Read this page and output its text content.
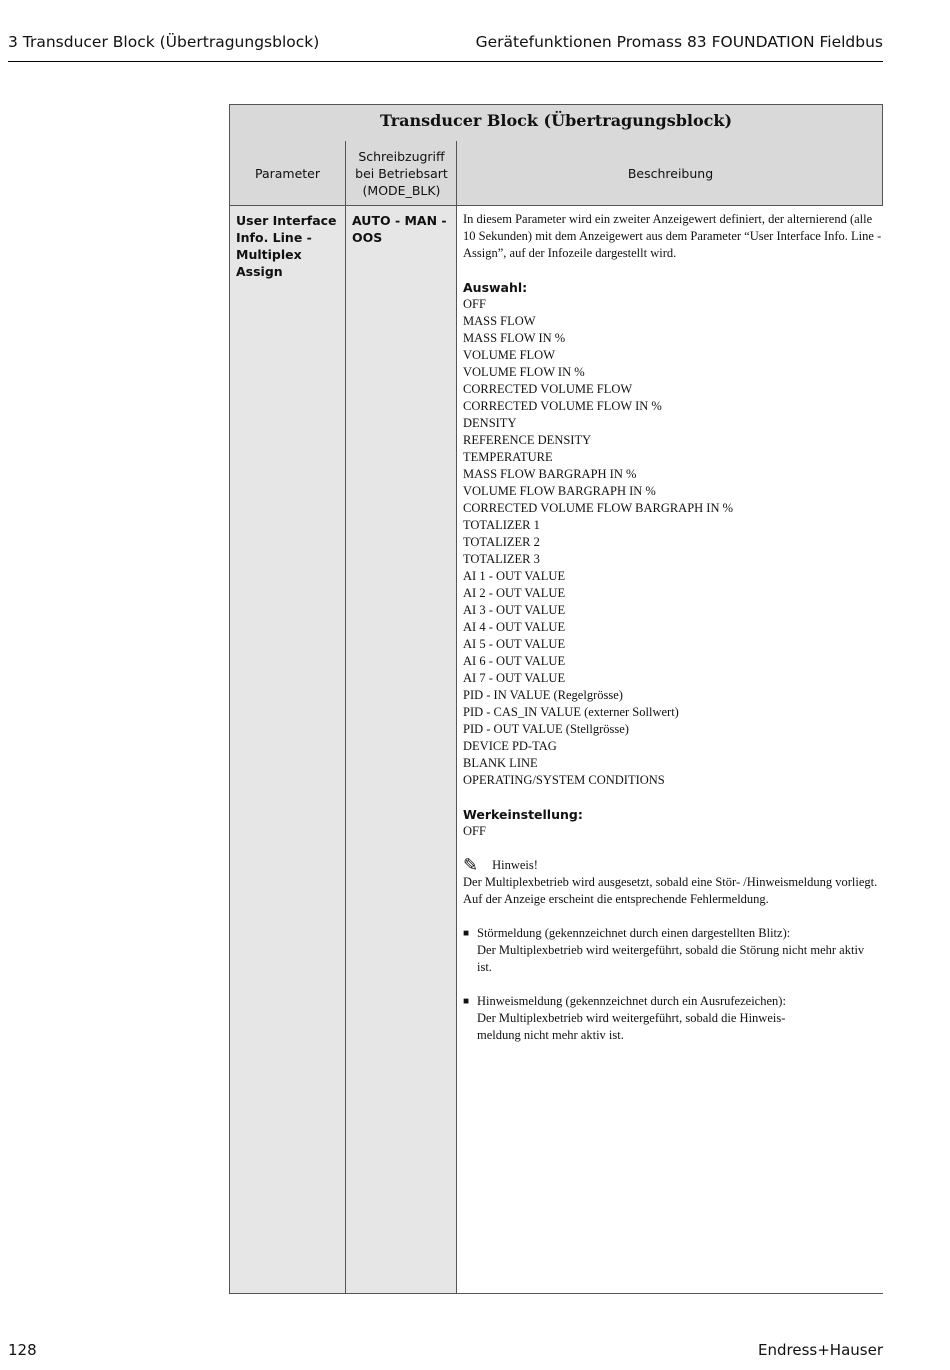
3 Transducer Block (Übertragungsblock)	Gerätefunktionen Promass 83 FOUNDATION Fieldbus
Transducer Block (Übertragungsblock)
Parameter
Schreibzugriff
bei Betriebsart
(MODE_BLK)
Beschreibung
User Interface
Info. Line -
Multiplex
Assign
AUTO - MAN -
OOS

In diesem Parameter wird ein zweiter Anzeigewert definiert, der alternierend (alle 10 Sekunden) mit dem Anzeigewert aus dem Parameter “User Interface Info. Line - Assign”, auf der Infozeile dargestellt wird.

Auswahl:

OFF
MASS FLOW
MASS FLOW IN %
VOLUME FLOW
VOLUME FLOW IN %
CORRECTED VOLUME FLOW
CORRECTED VOLUME FLOW IN %
DENSITY
REFERENCE DENSITY
TEMPERATURE
MASS FLOW BARGRAPH IN %
VOLUME FLOW BARGRAPH IN %
CORRECTED VOLUME FLOW BARGRAPH IN %
TOTALIZER 1
TOTALIZER 2
TOTALIZER 3
AI 1 - OUT VALUE
AI 2 - OUT VALUE
AI 3 - OUT VALUE
AI 4 - OUT VALUE
AI 5 - OUT VALUE
AI 6 - OUT VALUE
AI 7 - OUT VALUE
PID - IN VALUE (Regelgrösse)
PID - CAS_IN VALUE (externer Sollwert)
PID - OUT VALUE (Stellgrösse)
DEVICE PD-TAG
BLANK LINE
OPERATING/SYSTEM CONDITIONS

Werkeinstellung:

OFF

✎ Hinweis!

Der Multiplexbetrieb wird ausgesetzt, sobald eine Stör- /Hinweismeldung vorliegt. Auf der Anzeige erscheint die entsprechende Fehlermeldung.

■ Störmeldung (gekennzeichnet durch einen dargestellten Blitz):

Der Multiplexbetrieb wird weitergeführt, sobald die Störung nicht mehr aktiv ist.

■ Hinweismeldung (gekennzeichnet durch ein Ausrufezeichen):

Der Multiplexbetrieb wird weitergeführt, sobald die Hinweis-meldung nicht mehr aktiv ist.

128	Endress+Hauser
